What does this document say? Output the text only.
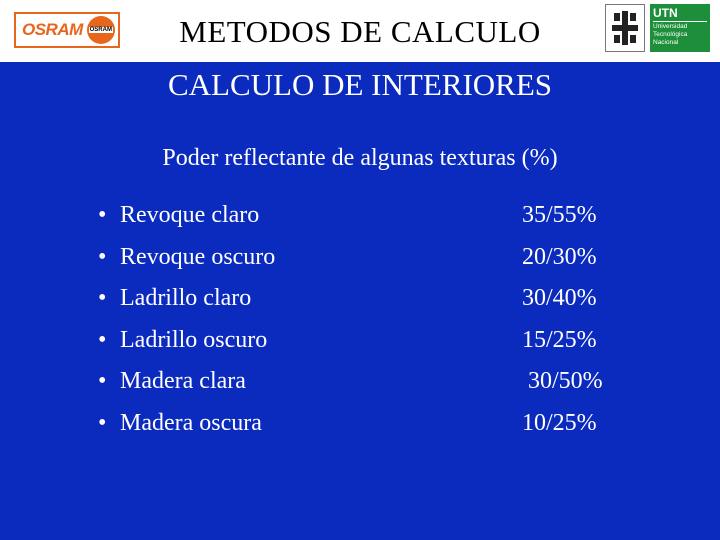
OSRAM OSRAM	METODOS DE CALCULO
UTN
Universidad Tecnológica Nacional
CALCULO DE INTERIORES
Poder reflectante de algunas texturas (%)
• Revoque claro	35/55%
• Revoque oscuro	20/30%
• Ladrillo claro	30/40%
• Ladrillo oscuro	15/25%
• Madera clara	30/50%
• Madera oscura	10/25%
